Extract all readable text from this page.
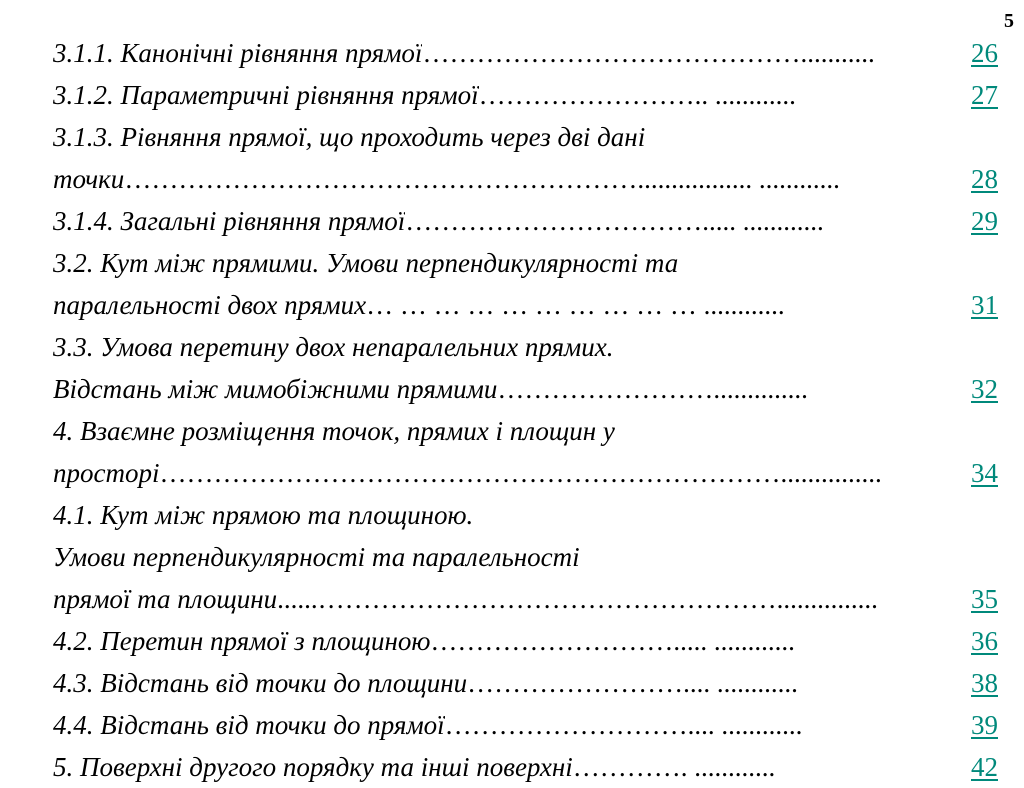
5
3.1.1. Канонічні рівняння прямої ……………………………………...........	26
3.1.2. Параметричні рівняння прямої …………………….. ............	27
3.1.3. Рівняння прямої, що проходить через дві дані
точки …………………………………………………................. ............	28
3.1.4. Загальні рівняння прямої ……………………………..... ............	29
3.2. Кут між прямими. Умови перпендикулярності та
паралельності двох прямих … … … … … … … … … … ............	31
3.3. Умова перетину двох непаралельних прямих.
Відстань між мимобіжними прямими ……………………..............	32
4. Взаємне розміщення точок, прямих і площин у
просторі ……………………………………………………………...............	34
4.1. Кут між прямою та площиною.
Умови перпендикулярності та паралельності
прямої та площини ......……………………………………………...............	35
4.2. Перетин прямої з площиною ………………………..... ............	36
4.3. Відстань від точки до площини …………………….... ............	38
4.4. Відстань від точки до прямої ……………………….... ............	39
5. Поверхні другого порядку та інші поверхні …………. ............	42
